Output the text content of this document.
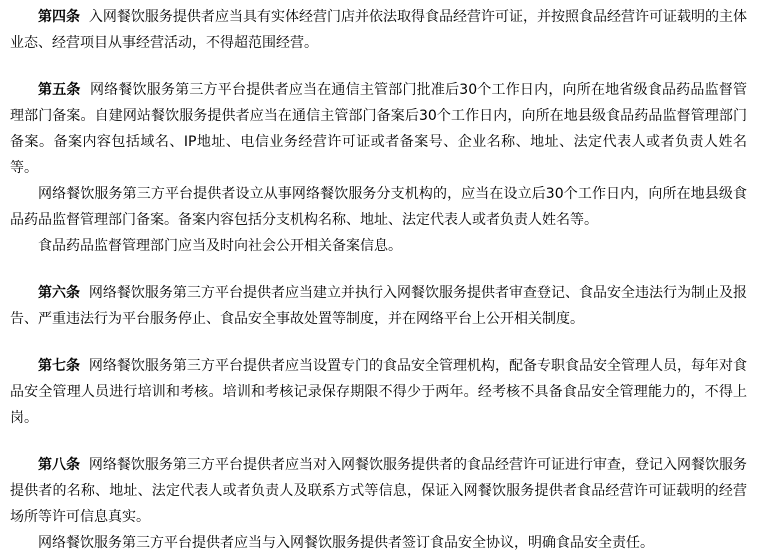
第四条 入网餐饮服务提供者应当具有实体经营门店并依法取得食品经营许可证，并按照食品经营许可证载明的主体业态、经营项目从事经营活动，不得超范围经营。

第五条 网络餐饮服务第三方平台提供者应当在通信主管部门批准后30个工作日内，向所在地省级食品药品监督管理部门备案。自建网站餐饮服务提供者应当在通信主管部门备案后30个工作日内，向所在地县级食品药品监督管理部门备案。备案内容包括域名、IP地址、电信业务经营许可证或者备案号、企业名称、地址、法定代表人或者负责人姓名等。

网络餐饮服务第三方平台提供者设立从事网络餐饮服务分支机构的，应当在设立后30个工作日内，向所在地县级食品药品监督管理部门备案。备案内容包括分支机构名称、地址、法定代表人或者负责人姓名等。

食品药品监督管理部门应当及时向社会公开相关备案信息。

第六条 网络餐饮服务第三方平台提供者应当建立并执行入网餐饮服务提供者审查登记、食品安全违法行为制止及报告、严重违法行为平台服务停止、食品安全事故处置等制度，并在网络平台上公开相关制度。

第七条 网络餐饮服务第三方平台提供者应当设置专门的食品安全管理机构，配备专职食品安全管理人员，每年对食品安全管理人员进行培训和考核。培训和考核记录保存期限不得少于两年。经考核不具备食品安全管理能力的，不得上岗。

第八条 网络餐饮服务第三方平台提供者应当对入网餐饮服务提供者的食品经营许可证进行审查，登记入网餐饮服务提供者的名称、地址、法定代表人或者负责人及联系方式等信息，保证入网餐饮服务提供者食品经营许可证载明的经营场所等许可信息真实。

网络餐饮服务第三方平台提供者应当与入网餐饮服务提供者签订食品安全协议，明确食品安全责任。
